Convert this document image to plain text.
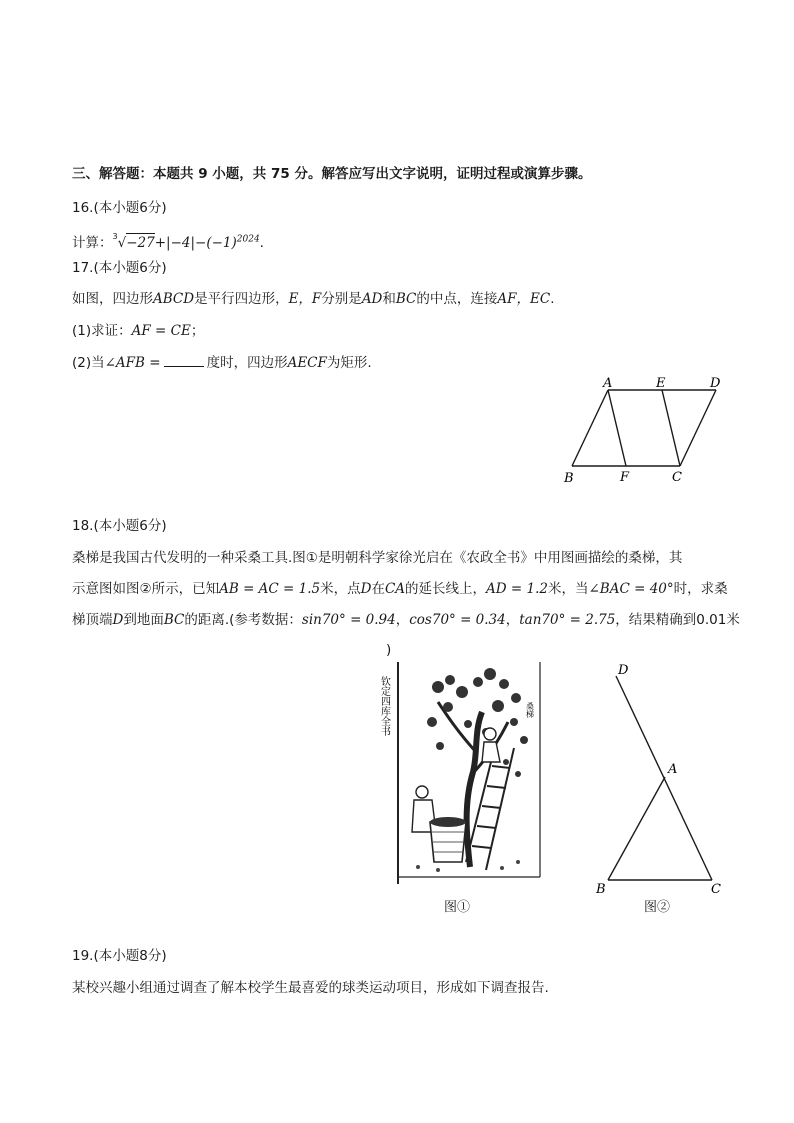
三、解答题：本题共 9 小题，共 75 分。解答应写出文字说明，证明过程或演算步骤。
16.(本小题6分)
计算：$^3√-27+|-4|-(-1)^{2024}$.
17.(本小题6分)
如图，四边形ABCD是平行四边形，E，F分别是AD和BC的中点，连接AF，EC.
(1)求证：AF = CE；
(2)当∠AFB =	度时，四边形AECF为矩形.
A	E	D
B	F	C
18.(本小题6分)
桑梯是我国古代发明的一种采桑工具.图①是明朝科学家徐光启在《农政全书》中用图画描绘的桑梯，其
示意图如图②所示，已知AB = AC = 1.5米，点D在CA的延长线上，AD = 1.2米，当∠BAC = 40°时，求桑
梯顶端D到地面BC的距离.(参考数据：sin70° = 0.94，cos70° = 0.34，tan70° = 2.75，结果精确到0.01米
)
钦定四库全书	桑梯
图①
D
A
B	C
图②
19.(本小题8分)
某校兴趣小组通过调查了解本校学生最喜爱的球类运动项目，形成如下调查报告.
